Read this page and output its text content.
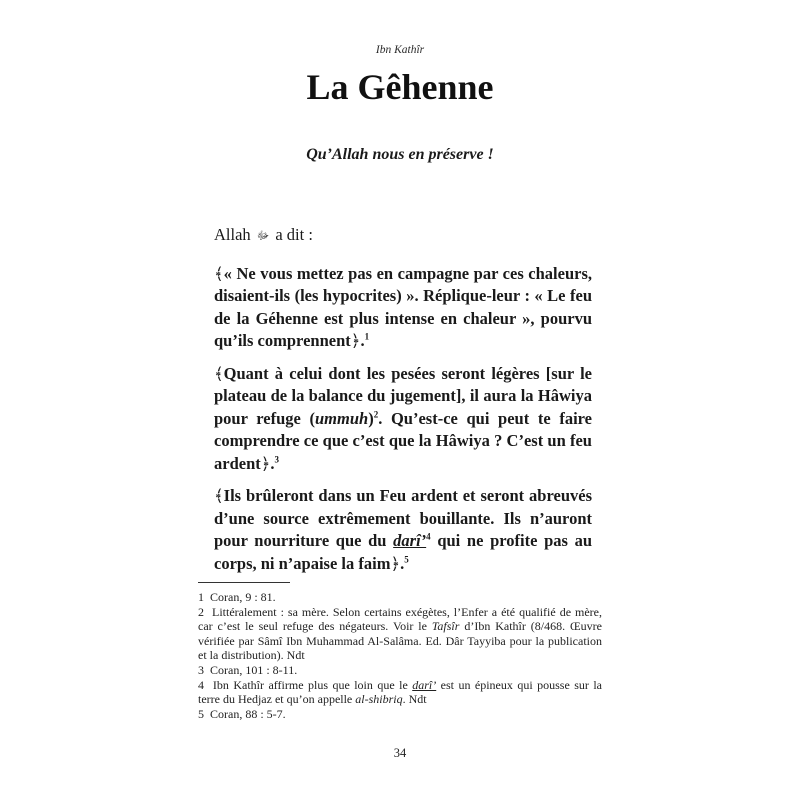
Ibn Kathîr
La Gêhenne
Qu’Allah nous en préserve !

Allah ﷻ a dit :

﴾« Ne vous mettez pas en campagne par ces chaleurs, disaient-ils (les hypocrites) ». Réplique-leur : « Le feu de la Géhenne est plus intense en chaleur », pourvu qu’ils comprennent﴿.$^1$

﴾Quant à celui dont les pesées seront légères [sur le plateau de la balance du jugement], il aura la Hâwiya pour refuge (ummuh)$^2$. Qu’est-ce qui peut te faire comprendre ce que c’est que la Hâwiya ? C’est un feu ardent﴿.$^3$

﴾Ils brûleront dans un Feu ardent et seront abreuvés d’une source extrêmement bouillante. Ils n’auront pour nourriture que du darî’$^4$ qui ne profite pas au corps, ni n’apaise la faim﴿.$^5$

1 Coran, 9 : 81.

2 Littéralement : sa mère. Selon certains exégètes, l’Enfer a été qualifié de mère, car c’est le seul refuge des négateurs. Voir le Tafsîr d’Ibn Kathîr (8/468. Œuvre vérifiée par Sâmî Ibn Muhammad Al-Salâma. Ed. Dâr Tayyiba pour la publication et la distribution). Ndt

3 Coran, 101 : 8-11.

4 Ibn Kathîr affirme plus que loin que le darî’ est un épineux qui pousse sur la terre du Hedjaz et qu’on appelle al-shibriq. Ndt

5 Coran, 88 : 5-7.

34
